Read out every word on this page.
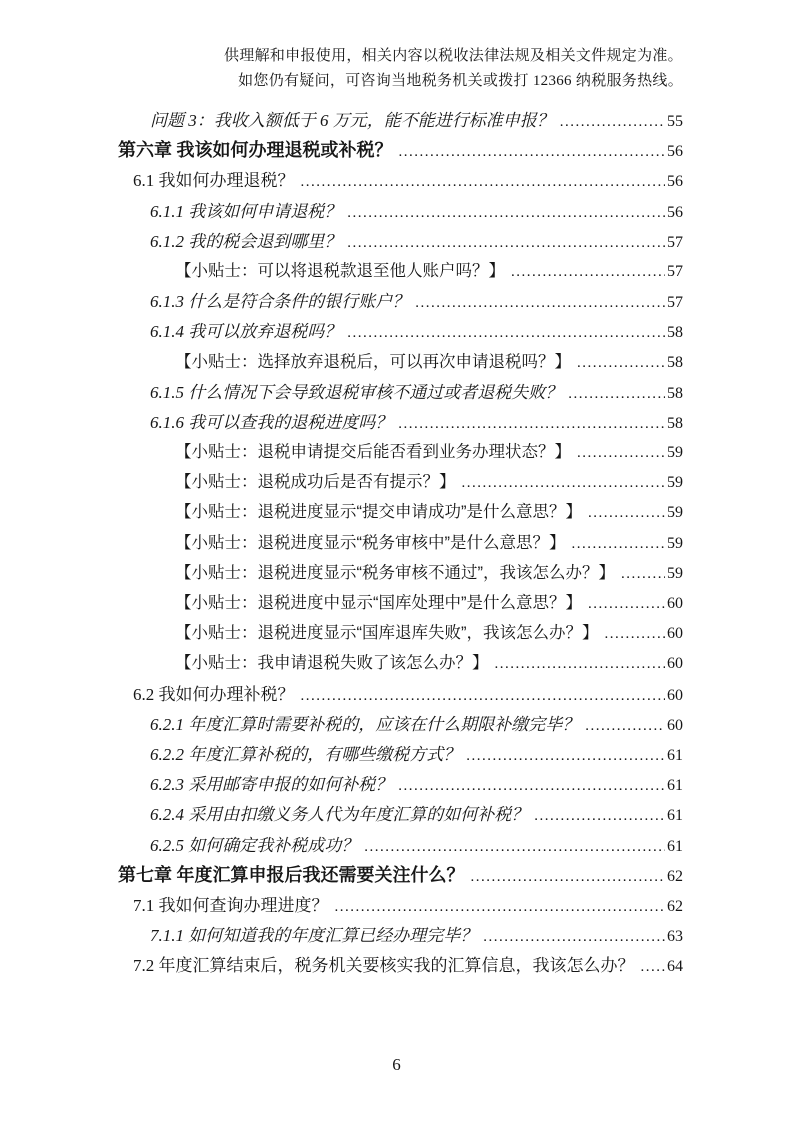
供理解和申报使用，相关内容以税收法律法规及相关文件规定为准。
如您仍有疑问，可咨询当地税务机关或拨打 12366 纳税服务热线。
问题 3：我收入额低于 6 万元，能不能进行标准申报？ .....	55
第六章 我该如何办理退税或补税？ .....	56
6.1 我如何办理退税？ .....	56
6.1.1 我该如何申请退税？ .....	56
6.1.2 我的税会退到哪里？ .....	57
【小贴士：可以将退税款退至他人账户吗？】 .....	57
6.1.3 什么是符合条件的银行账户？ .....	57
6.1.4 我可以放弃退税吗？ .....	58
【小贴士：选择放弃退税后，可以再次申请退税吗？】 .....	58
6.1.5 什么情况下会导致退税审核不通过或者退税失败？ .....	58
6.1.6 我可以查我的退税进度吗？ .....	58
【小贴士：退税申请提交后能否看到业务办理状态？】 .....	59
【小贴士：退税成功后是否有提示？】 .....	59
【小贴士：退税进度显示“提交申请成功”是什么意思？】 .....	59
【小贴士：退税进度显示“税务审核中”是什么意思？】 .....	59
【小贴士：退税进度显示“税务审核不通过”，我该怎么办？】 .....	59
【小贴士：退税进度中显示“国库处理中”是什么意思？】 .....	60
【小贴士：退税进度显示“国库退库失败”，我该怎么办？】 .....	60
【小贴士：我申请退税失败了该怎么办？】 .....	60
6.2 我如何办理补税？ .....	60
6.2.1 年度汇算时需要补税的，应该在什么期限补缴完毕？ .....	60
6.2.2 年度汇算补税的，有哪些缴税方式？ .....	61
6.2.3 采用邮寄申报的如何补税？ .....	61
6.2.4 采用由扣缴义务人代为年度汇算的如何补税？ .....	61
6.2.5 如何确定我补税成功？ .....	61
第七章 年度汇算申报后我还需要关注什么？ .....	62
7.1 我如何查询办理进度？ .....	62
7.1.1 如何知道我的年度汇算已经办理完毕？ .....	63
7.2 年度汇算结束后，税务机关要核实我的汇算信息，我该怎么办？ ..... 64
6
